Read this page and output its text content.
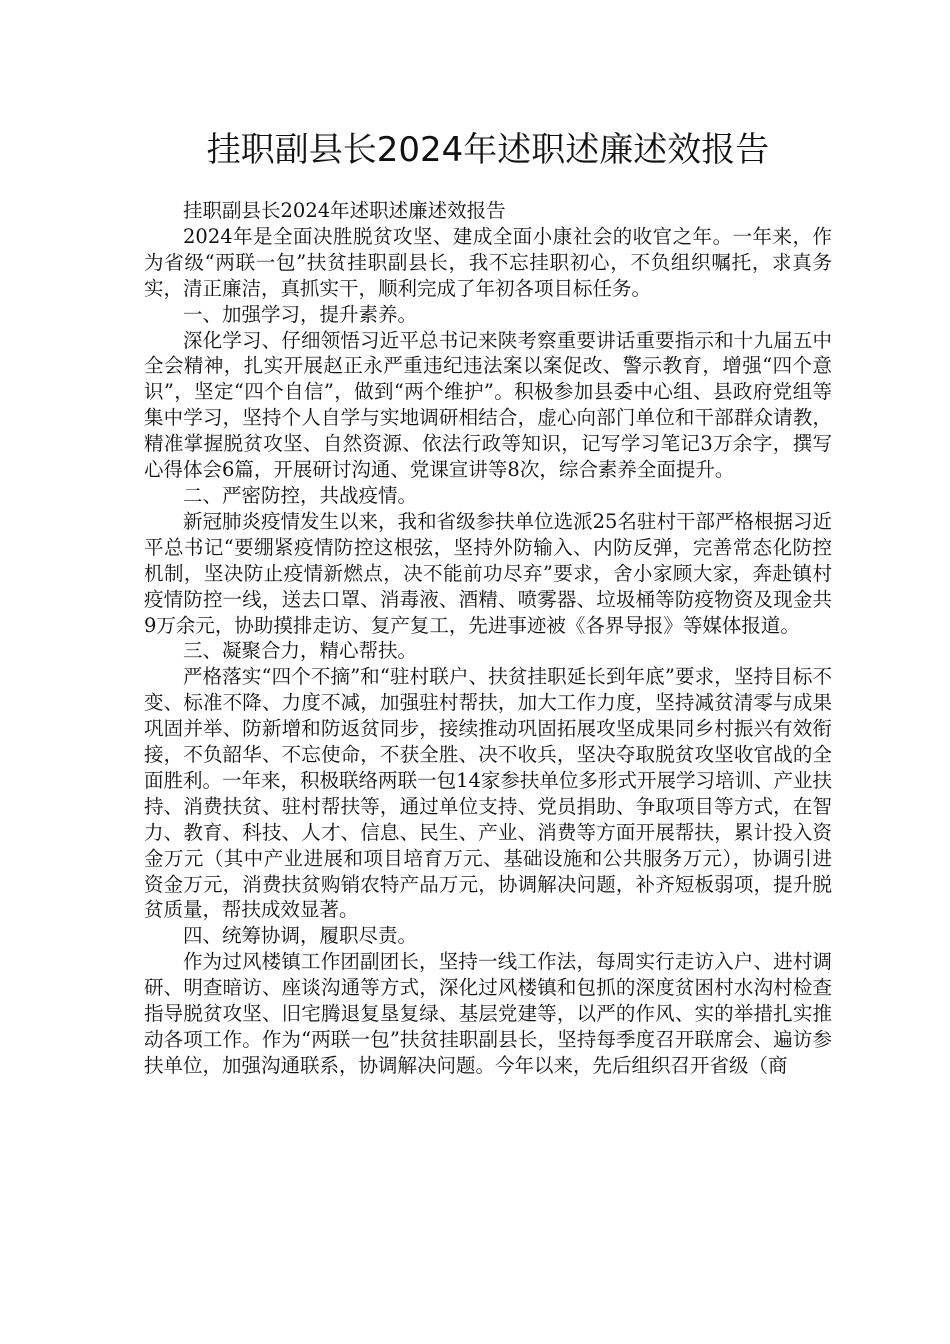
挂职副县长2024年述职述廉述效报告

挂职副县长2024年述职述廉述效报告

2024年是全面决胜脱贫攻坚、建成全面小康社会的收官之年。一年来，作为省级“两联一包”扶贫挂职副县长，我不忘挂职初心，不负组织嘱托，求真务实，清正廉洁，真抓实干，顺利完成了年初各项目标任务。

一、加强学习，提升素养。

深化学习、仔细领悟习近平总书记来陕考察重要讲话重要指示和十九届五中全会精神，扎实开展赵正永严重违纪违法案以案促改、警示教育，增强“四个意识”，坚定“四个自信”，做到“两个维护”。积极参加县委中心组、县政府党组等集中学习，坚持个人自学与实地调研相结合，虚心向部门单位和干部群众请教，精准掌握脱贫攻坚、自然资源、依法行政等知识，记写学习笔记3万余字，撰写心得体会6篇，开展研讨沟通、党课宣讲等8次，综合素养全面提升。

二、严密防控，共战疫情。

新冠肺炎疫情发生以来，我和省级参扶单位选派25名驻村干部严格根据习近平总书记“要绷紧疫情防控这根弦，坚持外防输入、内防反弹，完善常态化防控机制，坚决防止疫情新燃点，决不能前功尽弃”要求，舍小家顾大家，奔赴镇村疫情防控一线，送去口罩、消毒液、酒精、喷雾器、垃圾桶等防疫物资及现金共9万余元，协助摸排走访、复产复工，先进事迹被《各界导报》等媒体报道。

三、凝聚合力，精心帮扶。

严格落实“四个不摘”和“驻村联户、扶贫挂职延长到年底”要求，坚持目标不变、标准不降、力度不减，加强驻村帮扶，加大工作力度，坚持减贫清零与成果巩固并举、防新增和防返贫同步，接续推动巩固拓展攻坚成果同乡村振兴有效衔接，不负韶华、不忘使命，不获全胜、决不收兵，坚决夺取脱贫攻坚收官战的全面胜利。一年来，积极联络两联一包14家参扶单位多形式开展学习培训、产业扶持、消费扶贫、驻村帮扶等，通过单位支持、党员捐助、争取项目等方式，在智力、教育、科技、人才、信息、民生、产业、消费等方面开展帮扶，累计投入资金万元（其中产业进展和项目培育万元、基础设施和公共服务万元），协调引进资金万元，消费扶贫购销农特产品万元，协调解决问题，补齐短板弱项，提升脱贫质量，帮扶成效显著。

四、统筹协调，履职尽责。

作为过风楼镇工作团副团长，坚持一线工作法，每周实行走访入户、进村调研、明查暗访、座谈沟通等方式，深化过风楼镇和包抓的深度贫困村水沟村检查指导脱贫攻坚、旧宅腾退复垦复绿、基层党建等，以严的作风、实的举措扎实推动各项工作。作为“两联一包”扶贫挂职副县长，坚持每季度召开联席会、遍访参扶单位，加强沟通联系，协调解决问题。今年以来，先后组织召开省级（商
